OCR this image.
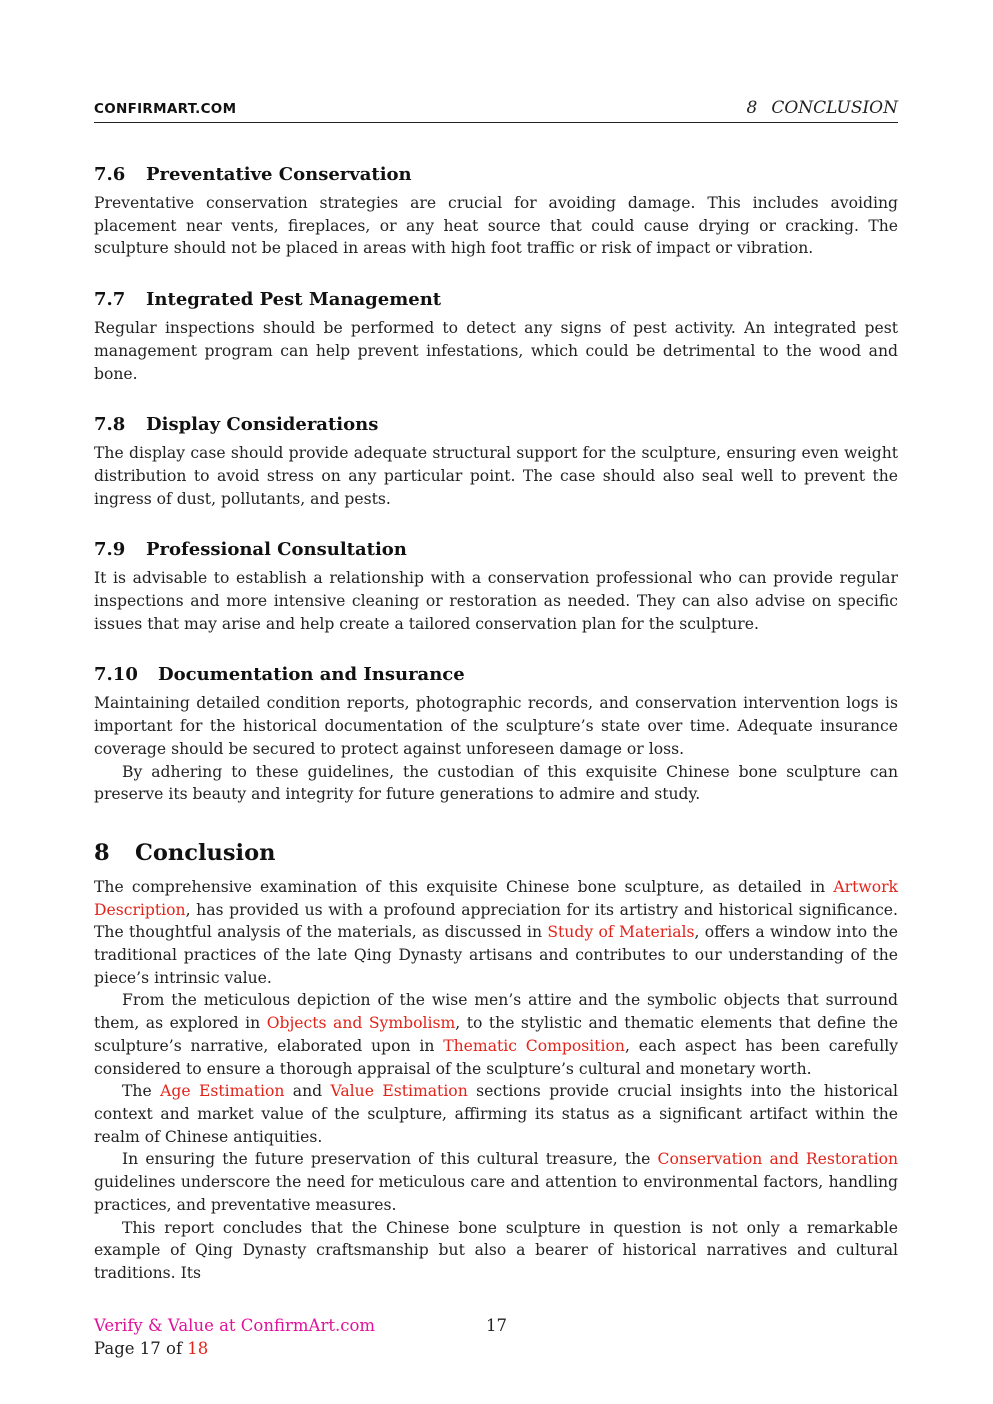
CONFIRMART.COM	8 CONCLUSION
7.6 Preventative Conservation

Preventative conservation strategies are crucial for avoiding damage. This includes avoiding placement near vents, fireplaces, or any heat source that could cause drying or cracking. The sculpture should not be placed in areas with high foot traffic or risk of impact or vibration.

7.7 Integrated Pest Management

Regular inspections should be performed to detect any signs of pest activity. An integrated pest management program can help prevent infestations, which could be detrimental to the wood and bone.

7.8 Display Considerations

The display case should provide adequate structural support for the sculpture, ensuring even weight distribution to avoid stress on any particular point. The case should also seal well to prevent the ingress of dust, pollutants, and pests.

7.9 Professional Consultation

It is advisable to establish a relationship with a conservation professional who can provide regular inspections and more intensive cleaning or restoration as needed. They can also advise on specific issues that may arise and help create a tailored conservation plan for the sculpture.

7.10 Documentation and Insurance

Maintaining detailed condition reports, photographic records, and conservation intervention logs is important for the historical documentation of the sculpture’s state over time. Adequate insurance coverage should be secured to protect against unforeseen damage or loss.

By adhering to these guidelines, the custodian of this exquisite Chinese bone sculpture can preserve its beauty and integrity for future generations to admire and study.

8 Conclusion

The comprehensive examination of this exquisite Chinese bone sculpture, as detailed in Artwork Description, has provided us with a profound appreciation for its artistry and historical significance. The thoughtful analysis of the materials, as discussed in Study of Materials, offers a window into the traditional practices of the late Qing Dynasty artisans and contributes to our understanding of the piece’s intrinsic value.

From the meticulous depiction of the wise men’s attire and the symbolic objects that surround them, as explored in Objects and Symbolism, to the stylistic and thematic elements that define the sculpture’s narrative, elaborated upon in Thematic Composition, each aspect has been carefully considered to ensure a thorough appraisal of the sculpture’s cultural and monetary worth.

The Age Estimation and Value Estimation sections provide crucial insights into the historical context and market value of the sculpture, affirming its status as a significant artifact within the realm of Chinese antiquities.

In ensuring the future preservation of this cultural treasure, the Conservation and Restoration guidelines underscore the need for meticulous care and attention to environmental factors, handling practices, and preventative measures.

This report concludes that the Chinese bone sculpture in question is not only a remarkable example of Qing Dynasty craftsmanship but also a bearer of historical narratives and cultural traditions. Its

Verify & Value at ConfirmArt.com	17
Page 17 of 18
